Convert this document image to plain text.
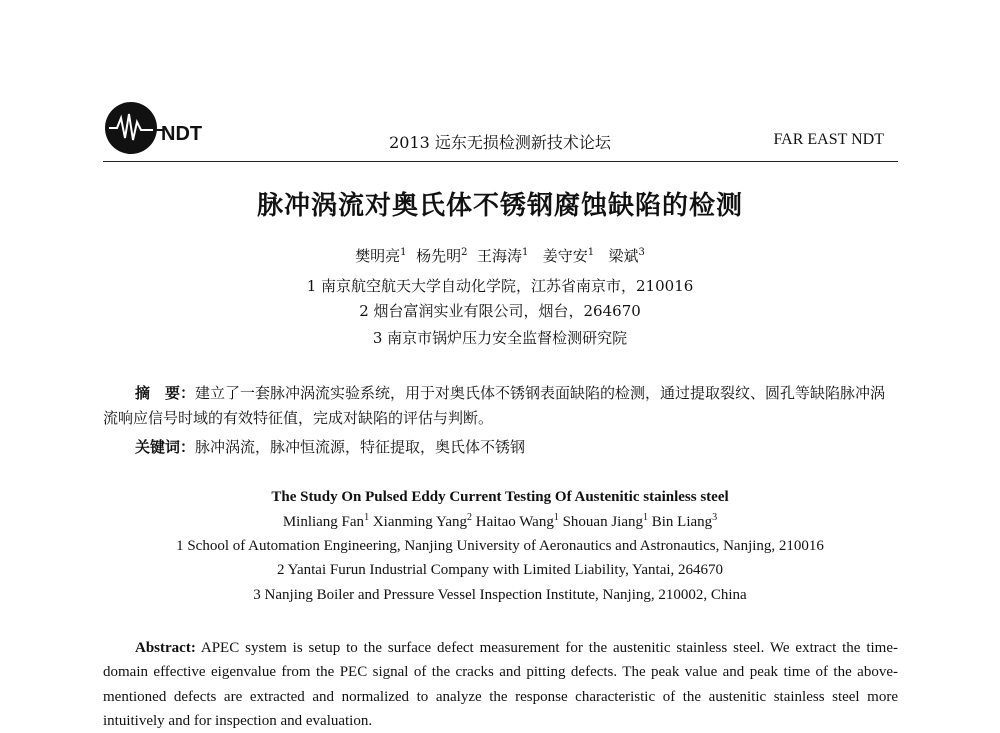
NDT	2013 远东无损检测新技术论坛	FAR EAST NDT
脉冲涡流对奥氏体不锈钢腐蚀缺陷的检测
樊明亮$^1$ 杨先明$^2$ 王海涛$^1$ 姜守安$^1$ 梁斌$^3$
1 南京航空航天大学自动化学院，江苏省南京市，210016
2 烟台富润实业有限公司，烟台，264670
3 南京市锅炉压力安全监督检测研究院
摘　要：建立了一套脉冲涡流实验系统，用于对奥氏体不锈钢表面缺陷的检测，通过提取裂纹、圆孔等缺陷脉冲涡流响应信号时域的有效特征值，完成对缺陷的评估与判断。
关键词：脉冲涡流，脉冲恒流源，特征提取，奥氏体不锈钢
The Study On Pulsed Eddy Current Testing Of Austenitic stainless steel
Minliang Fan$^1$ Xianming Yang$^2$ Haitao Wang$^1$ Shouan Jiang$^1$ Bin Liang$^3$
1 School of Automation Engineering, Nanjing University of Aeronautics and Astronautics, Nanjing, 210016
2 Yantai Furun Industrial Company with Limited Liability, Yantai, 264670
3 Nanjing Boiler and Pressure Vessel Inspection Institute, Nanjing, 210002, China
Abstract: APEC system is setup to the surface defect measurement for the austenitic stainless steel. We extract the time-domain effective eigenvalue from the PEC signal of the cracks and pitting defects. The peak value and peak time of the above-mentioned defects are extracted and normalized to analyze the response characteristic of the austenitic stainless steel more intuitively and for inspection and evaluation.
